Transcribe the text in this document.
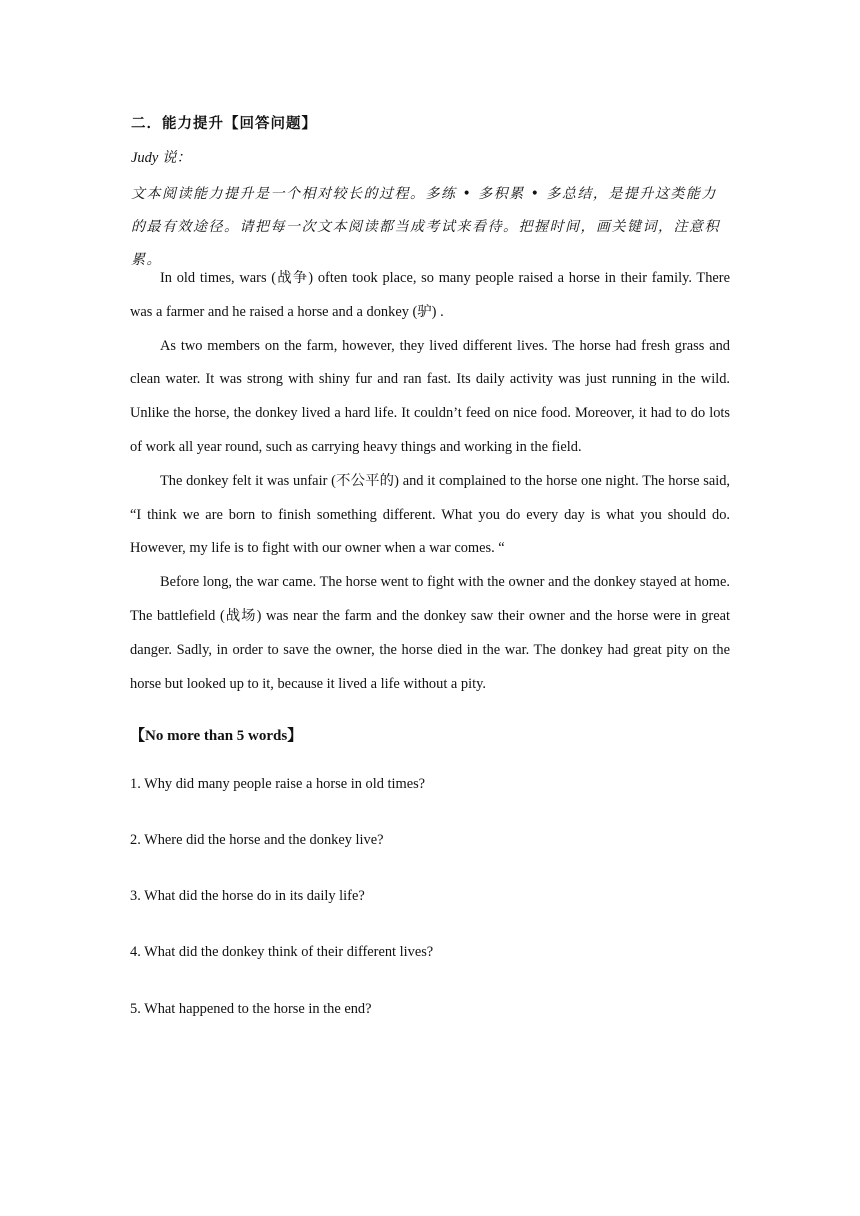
二．能力提升【回答问题】
Judy 说：
文本阅读能力提升是一个相对较长的过程。多练 • 多积累 • 多总结，是提升这类能力的最有效途径。请把每一次文本阅读都当成考试来看待。把握时间，画关键词，注意积累。

In old times, wars (战争) often took place, so many people raised a horse in their family. There was a farmer and he raised a horse and a donkey (驴) .

As two members on the farm, however, they lived different lives. The horse had fresh grass and clean water. It was strong with shiny fur and ran fast. Its daily activity was just running in the wild. Unlike the horse, the donkey lived a hard life. It couldn’t feed on nice food. Moreover, it had to do lots of work all year round, such as carrying heavy things and working in the field.

The donkey felt it was unfair (不公平的) and it complained to the horse one night. The horse said, “I think we are born to finish something different. What you do every day is what you should do. However, my life is to fight with our owner when a war comes. “

Before long, the war came. The horse went to fight with the owner and the donkey stayed at home. The battlefield (战场) was near the farm and the donkey saw their owner and the horse were in great danger. Sadly, in order to save the owner, the horse died in the war. The donkey had great pity on the horse but looked up to it, because it lived a life without a pity.

【No more than 5 words】
1. Why did many people raise a horse in old times?
2. Where did the horse and the donkey live?
3. What did the horse do in its daily life?
4. What did the donkey think of their different lives?
5. What happened to the horse in the end?
